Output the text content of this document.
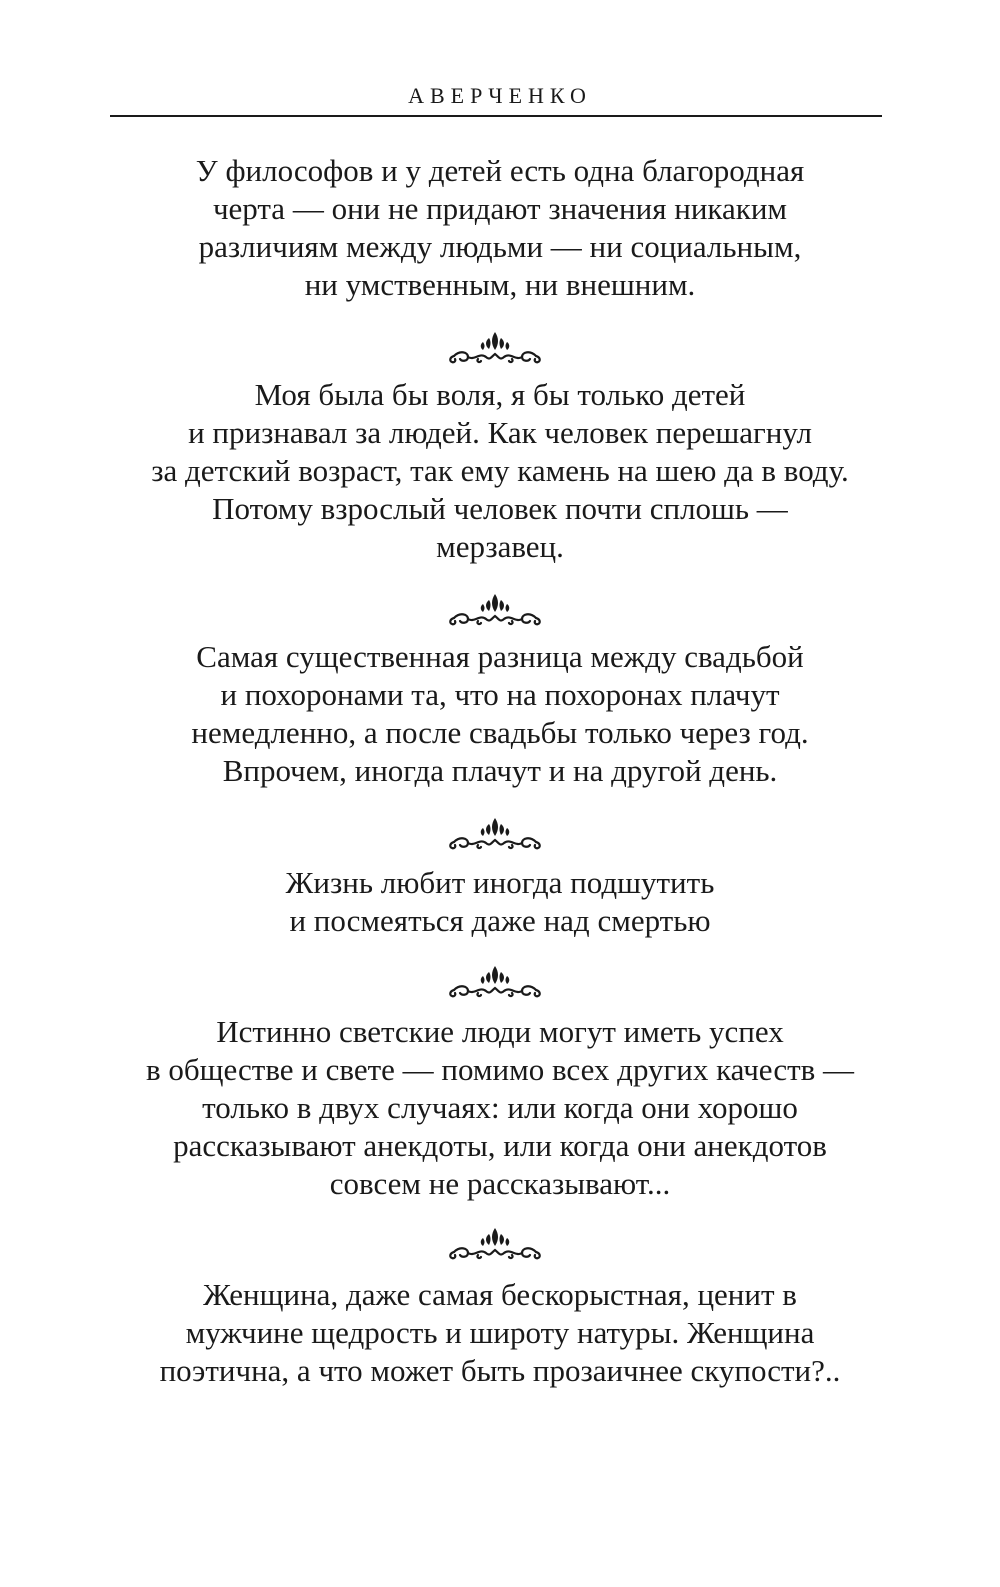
АВЕРЧЕНКО

У философов и у детей есть одна благородная
черта — они не придают значения никаким
различиям между людьми — ни социальным,
ни умственным, ни внешним.

Моя была бы воля, я бы только детей
и признавал за людей. Как человек перешагнул
за детский возраст, так ему камень на шею да в воду.
Потому взрослый человек почти сплошь —
мерзавец.

Самая существенная разница между свадьбой
и похоронами та, что на похоронах плачут
немедленно, а после свадьбы только через год.
Впрочем, иногда плачут и на другой день.

Жизнь любит иногда подшутить
и посмеяться даже над смертью

Истинно светские люди могут иметь успех
в обществе и свете — помимо всех других качеств —
только в двух случаях: или когда они хорошо
рассказывают анекдоты, или когда они анекдотов
совсем не рассказывают...

Женщина, даже самая бескорыстная, ценит в
мужчине щедрость и широту натуры. Женщина
поэтична, а что может быть прозаичнее скупости?..
